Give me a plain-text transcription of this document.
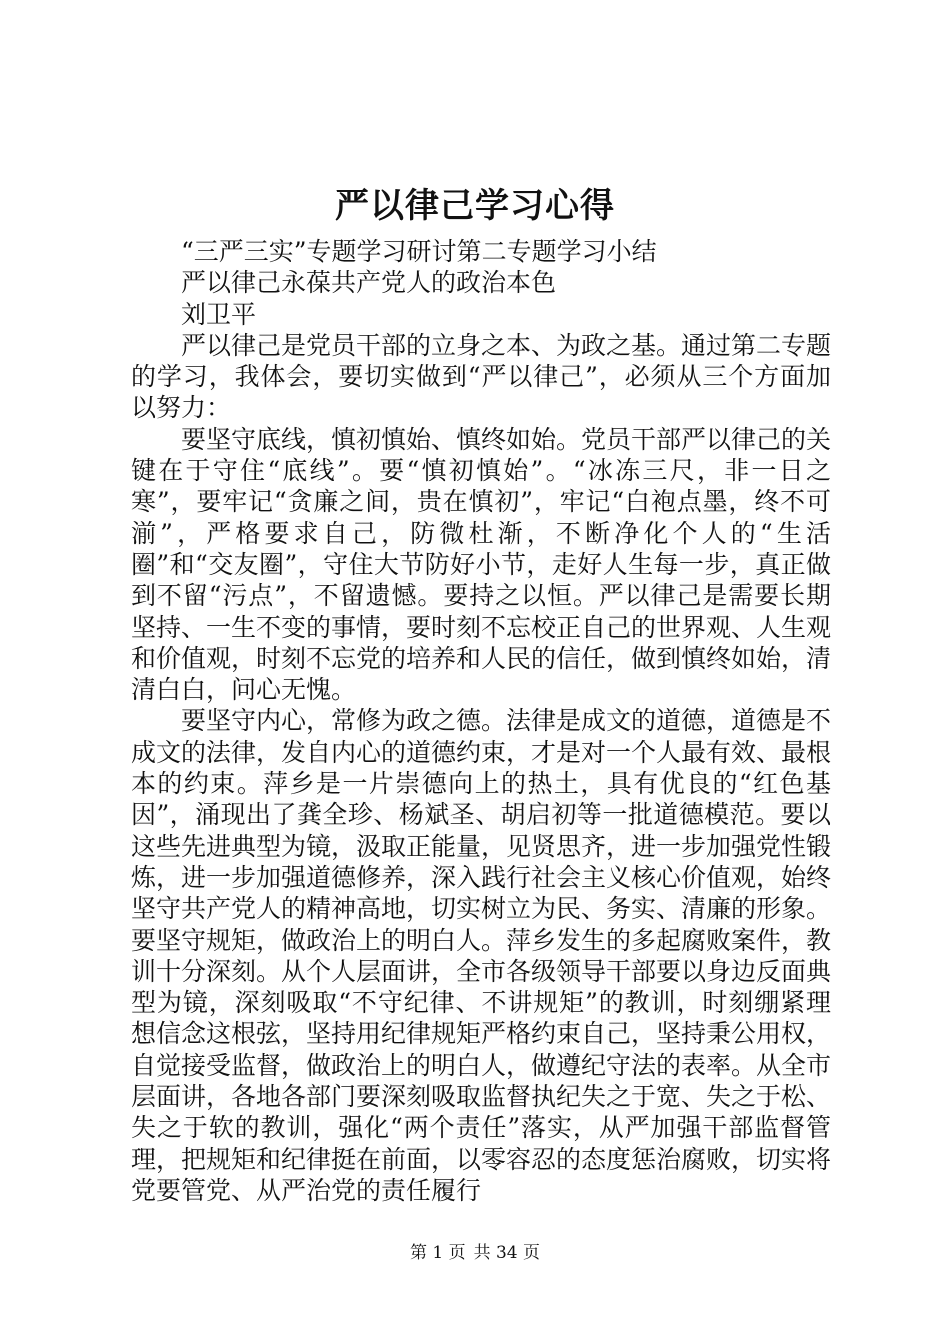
严以律己学习心得

“三严三实”专题学习研讨第二专题学习小结

严以律己永葆共产党人的政治本色

刘卫平

严以律己是党员干部的立身之本、为政之基。通过第二专题的学习，我体会，要切实做到“严以律己”，必须从三个方面加以努力：

要坚守底线，慎初慎始、慎终如始。党员干部严以律己的关键在于守住“底线”。要“慎初慎始”。“冰冻三尺，非一日之寒”，要牢记“贪廉之间，贵在慎初”，牢记“白袍点墨，终不可湔”，严格要求自己，防微杜渐，不断净化个人的“生活圈”和“交友圈”，守住大节防好小节，走好人生每一步，真正做到不留“污点”，不留遗憾。要持之以恒。严以律己是需要长期坚持、一生不变的事情，要时刻不忘校正自己的世界观、人生观和价值观，时刻不忘党的培养和人民的信任，做到慎终如始，清清白白，问心无愧。

要坚守内心，常修为政之德。法律是成文的道德，道德是不成文的法律，发自内心的道德约束，才是对一个人最有效、最根本的约束。萍乡是一片崇德向上的热土，具有优良的“红色基因”，涌现出了龚全珍、杨斌圣、胡启初等一批道德模范。要以这些先进典型为镜，汲取正能量，见贤思齐，进一步加强党性锻炼，进一步加强道德修养，深入践行社会主义核心价值观，始终坚守共产党人的精神高地，切实树立为民、务实、清廉的形象。要坚守规矩，做政治上的明白人。萍乡发生的多起腐败案件，教训十分深刻。从个人层面讲，全市各级领导干部要以身边反面典型为镜，深刻吸取“不守纪律、不讲规矩”的教训，时刻绷紧理想信念这根弦，坚持用纪律规矩严格约束自己，坚持秉公用权，自觉接受监督，做政治上的明白人，做遵纪守法的表率。从全市层面讲，各地各部门要深刻吸取监督执纪失之于宽、失之于松、失之于软的教训，强化“两个责任”落实，从严加强干部监督管理，把规矩和纪律挺在前面，以零容忍的态度惩治腐败，切实将党要管党、从严治党的责任履行

第 1 页 共 34 页
